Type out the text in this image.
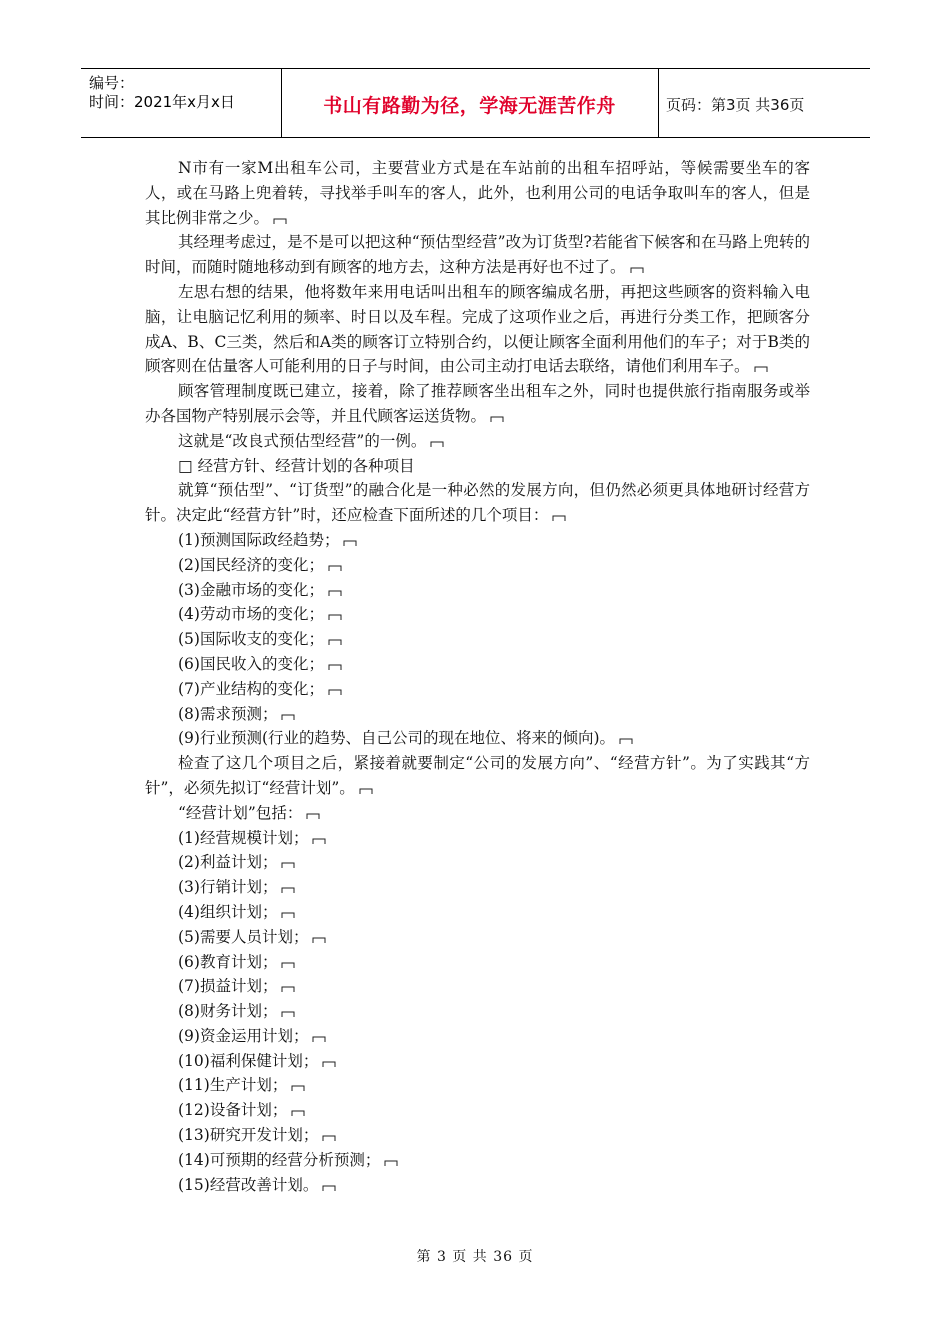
编号：
时间：2021年x月x日	书山有路勤为径，学海无涯苦作舟	页码：第3页 共36页

N市有一家M出租车公司，主要营业方式是在车站前的出租车招呼站，等候需要坐车的客人，或在马路上兜着转，寻找举手叫车的客人，此外，也利用公司的电话争取叫车的客人，但是其比例非常之少。

其经理考虑过，是不是可以把这种“预估型经营”改为订货型?若能省下候客和在马路上兜转的时间，而随时随地移动到有顾客的地方去，这种方法是再好也不过了。

左思右想的结果，他将数年来用电话叫出租车的顾客编成名册，再把这些顾客的资料输入电脑，让电脑记忆利用的频率、时日以及车程。完成了这项作业之后，再进行分类工作，把顾客分成A、B、C三类，然后和A类的顾客订立特别合约，以便让顾客全面利用他们的车子；对于B类的顾客则在估量客人可能利用的日子与时间，由公司主动打电话去联络，请他们利用车子。

顾客管理制度既已建立，接着，除了推荐顾客坐出租车之外，同时也提供旅行指南服务或举办各国物产特别展示会等，并且代顾客运送货物。

这就是“改良式预估型经营”的一例。

□ 经营方针、经营计划的各种项目

就算“预估型”、“订货型”的融合化是一种必然的发展方向，但仍然必须更具体地研讨经营方针。决定此“经营方针”时，还应检查下面所述的几个项目：

(1)预测国际政经趋势；

(2)国民经济的变化；

(3)金融市场的变化；

(4)劳动市场的变化；

(5)国际收支的变化；

(6)国民收入的变化；

(7)产业结构的变化；

(8)需求预测；

(9)行业预测(行业的趋势、自己公司的现在地位、将来的倾向)。

检查了这几个项目之后，紧接着就要制定“公司的发展方向”、“经营方针”。为了实践其“方针”，必须先拟订“经营计划”。

“经营计划”包括：

(1)经营规模计划；

(2)利益计划；

(3)行销计划；

(4)组织计划；

(5)需要人员计划；

(6)教育计划；

(7)损益计划；

(8)财务计划；

(9)资金运用计划；

(10)福利保健计划；

(11)生产计划；

(12)设备计划；

(13)研究开发计划；

(14)可预期的经营分析预测；

(15)经营改善计划。

第 3 页 共 36 页
